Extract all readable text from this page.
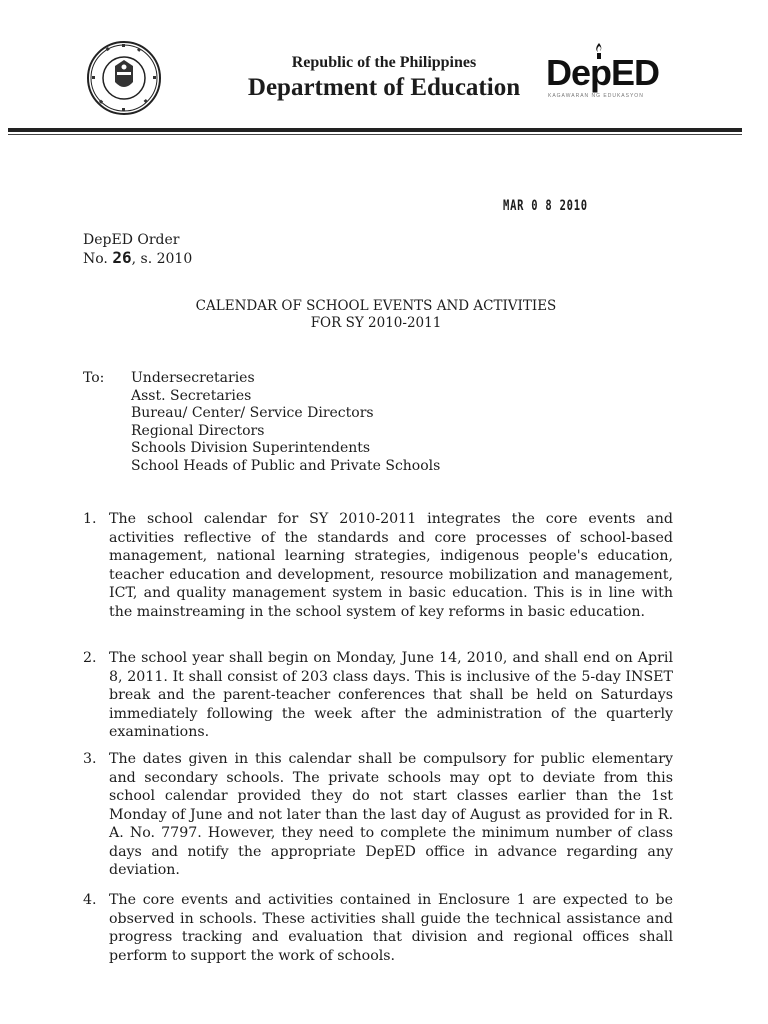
Republic of the Philippines
Department of Education DepED
KAGAWARAN NG EDUKASYON
MAR 0 8 2010
DepED Order
No. 26, s. 2010
CALENDAR OF SCHOOL EVENTS AND ACTIVITIES
FOR SY 2010-2011
To: Undersecretaries
Asst. Secretaries
Bureau/ Center/ Service Directors
Regional Directors
Schools Division Superintendents
School Heads of Public and Private Schools
1. The school calendar for SY 2010-2011 integrates the core events and activities reflective of the standards and core processes of school-based management, national learning strategies, indigenous people's education, teacher education and development, resource mobilization and management, ICT, and quality management system in basic education. This is in line with the mainstreaming in the school system of key reforms in basic education.
2. The school year shall begin on Monday, June 14, 2010, and shall end on April 8, 2011. It shall consist of 203 class days. This is inclusive of the 5-day INSET break and the parent-teacher conferences that shall be held on Saturdays immediately following the week after the administration of the quarterly examinations.
3. The dates given in this calendar shall be compulsory for public elementary and secondary schools. The private schools may opt to deviate from this school calendar provided they do not start classes earlier than the 1st Monday of June and not later than the last day of August as provided for in R. A. No. 7797. However, they need to complete the minimum number of class days and notify the appropriate DepED office in advance regarding any deviation.
4. The core events and activities contained in Enclosure 1 are expected to be observed in schools. These activities shall guide the technical assistance and progress tracking and evaluation that division and regional offices shall perform to support the work of schools.
